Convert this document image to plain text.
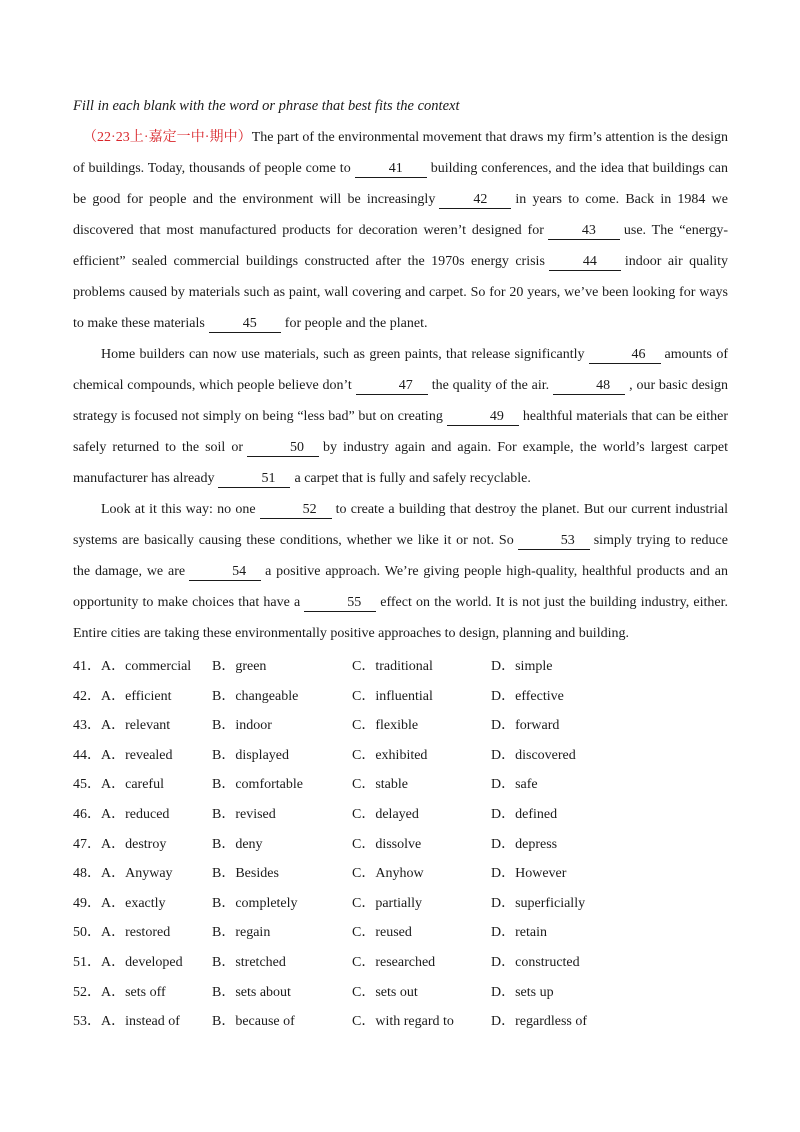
Fill in each blank with the word or phrase that best fits the context

（22·23上·嘉定一中·期中）The part of the environmental movement that draws my firm’s attention is the design of buildings. Today, thousands of people come to	41 building conferences, and the idea that buildings can be good for people and the environment will be increasingly	42 in years to come. Back in 1984 we discovered that most manufactured products for decoration weren’t designed for	43 use. The “energy-efficient” sealed commercial buildings constructed after the 1970s energy crisis	44 indoor air quality problems caused by materials such as paint, wall covering and carpet. So for 20 years, we’ve been looking for ways to make these materials	45 for people and the planet.

Home builders can now use materials, such as green paints, that release significantly	46 amounts of chemical compounds, which people believe don’t	47 the quality of the air.	48 , our basic design strategy is focused not simply on being “less bad” but on creating	49 healthful materials that can be either safely returned to the soil or	50 by industry again and again. For example, the world’s largest carpet manufacturer has already	51 a carpet that is fully and safely recyclable.

Look at it this way: no one	52 to create a building that destroy the planet. But our current industrial systems are basically causing these conditions, whether we like it or not. So	53 simply trying to reduce the damage, we are	54 a positive approach. We’re giving people high-quality, healthful products and an opportunity to make choices that have a	55 effect on the world. It is not just the building industry, either. Entire cities are taking these environmentally positive approaches to design, planning and building.

41． A．commercial B．green	C．traditional	D．simple
42． A．efficient	B．changeable	C．influential	D．effective
43． A．relevant	B．indoor	C．flexible	D．forward
44． A．revealed	B．displayed	C．exhibited	D．discovered
45． A．careful	B．comfortable	C．stable	D．safe
46． A．reduced	B．revised	C．delayed	D．defined
47． A．destroy	B．deny	C．dissolve	D．depress
48． A．Anyway	B．Besides	C．Anyhow	D．However
49． A．exactly	B．completely	C．partially	D．superficially
50． A．restored	B．regain	C．reused	D．retain
51． A．developed B．stretched	C．researched	D．constructed
52． A．sets off	B．sets about	C．sets out	D．sets up
53． A．instead of B．because of	C．with regard to	D．regardless of
